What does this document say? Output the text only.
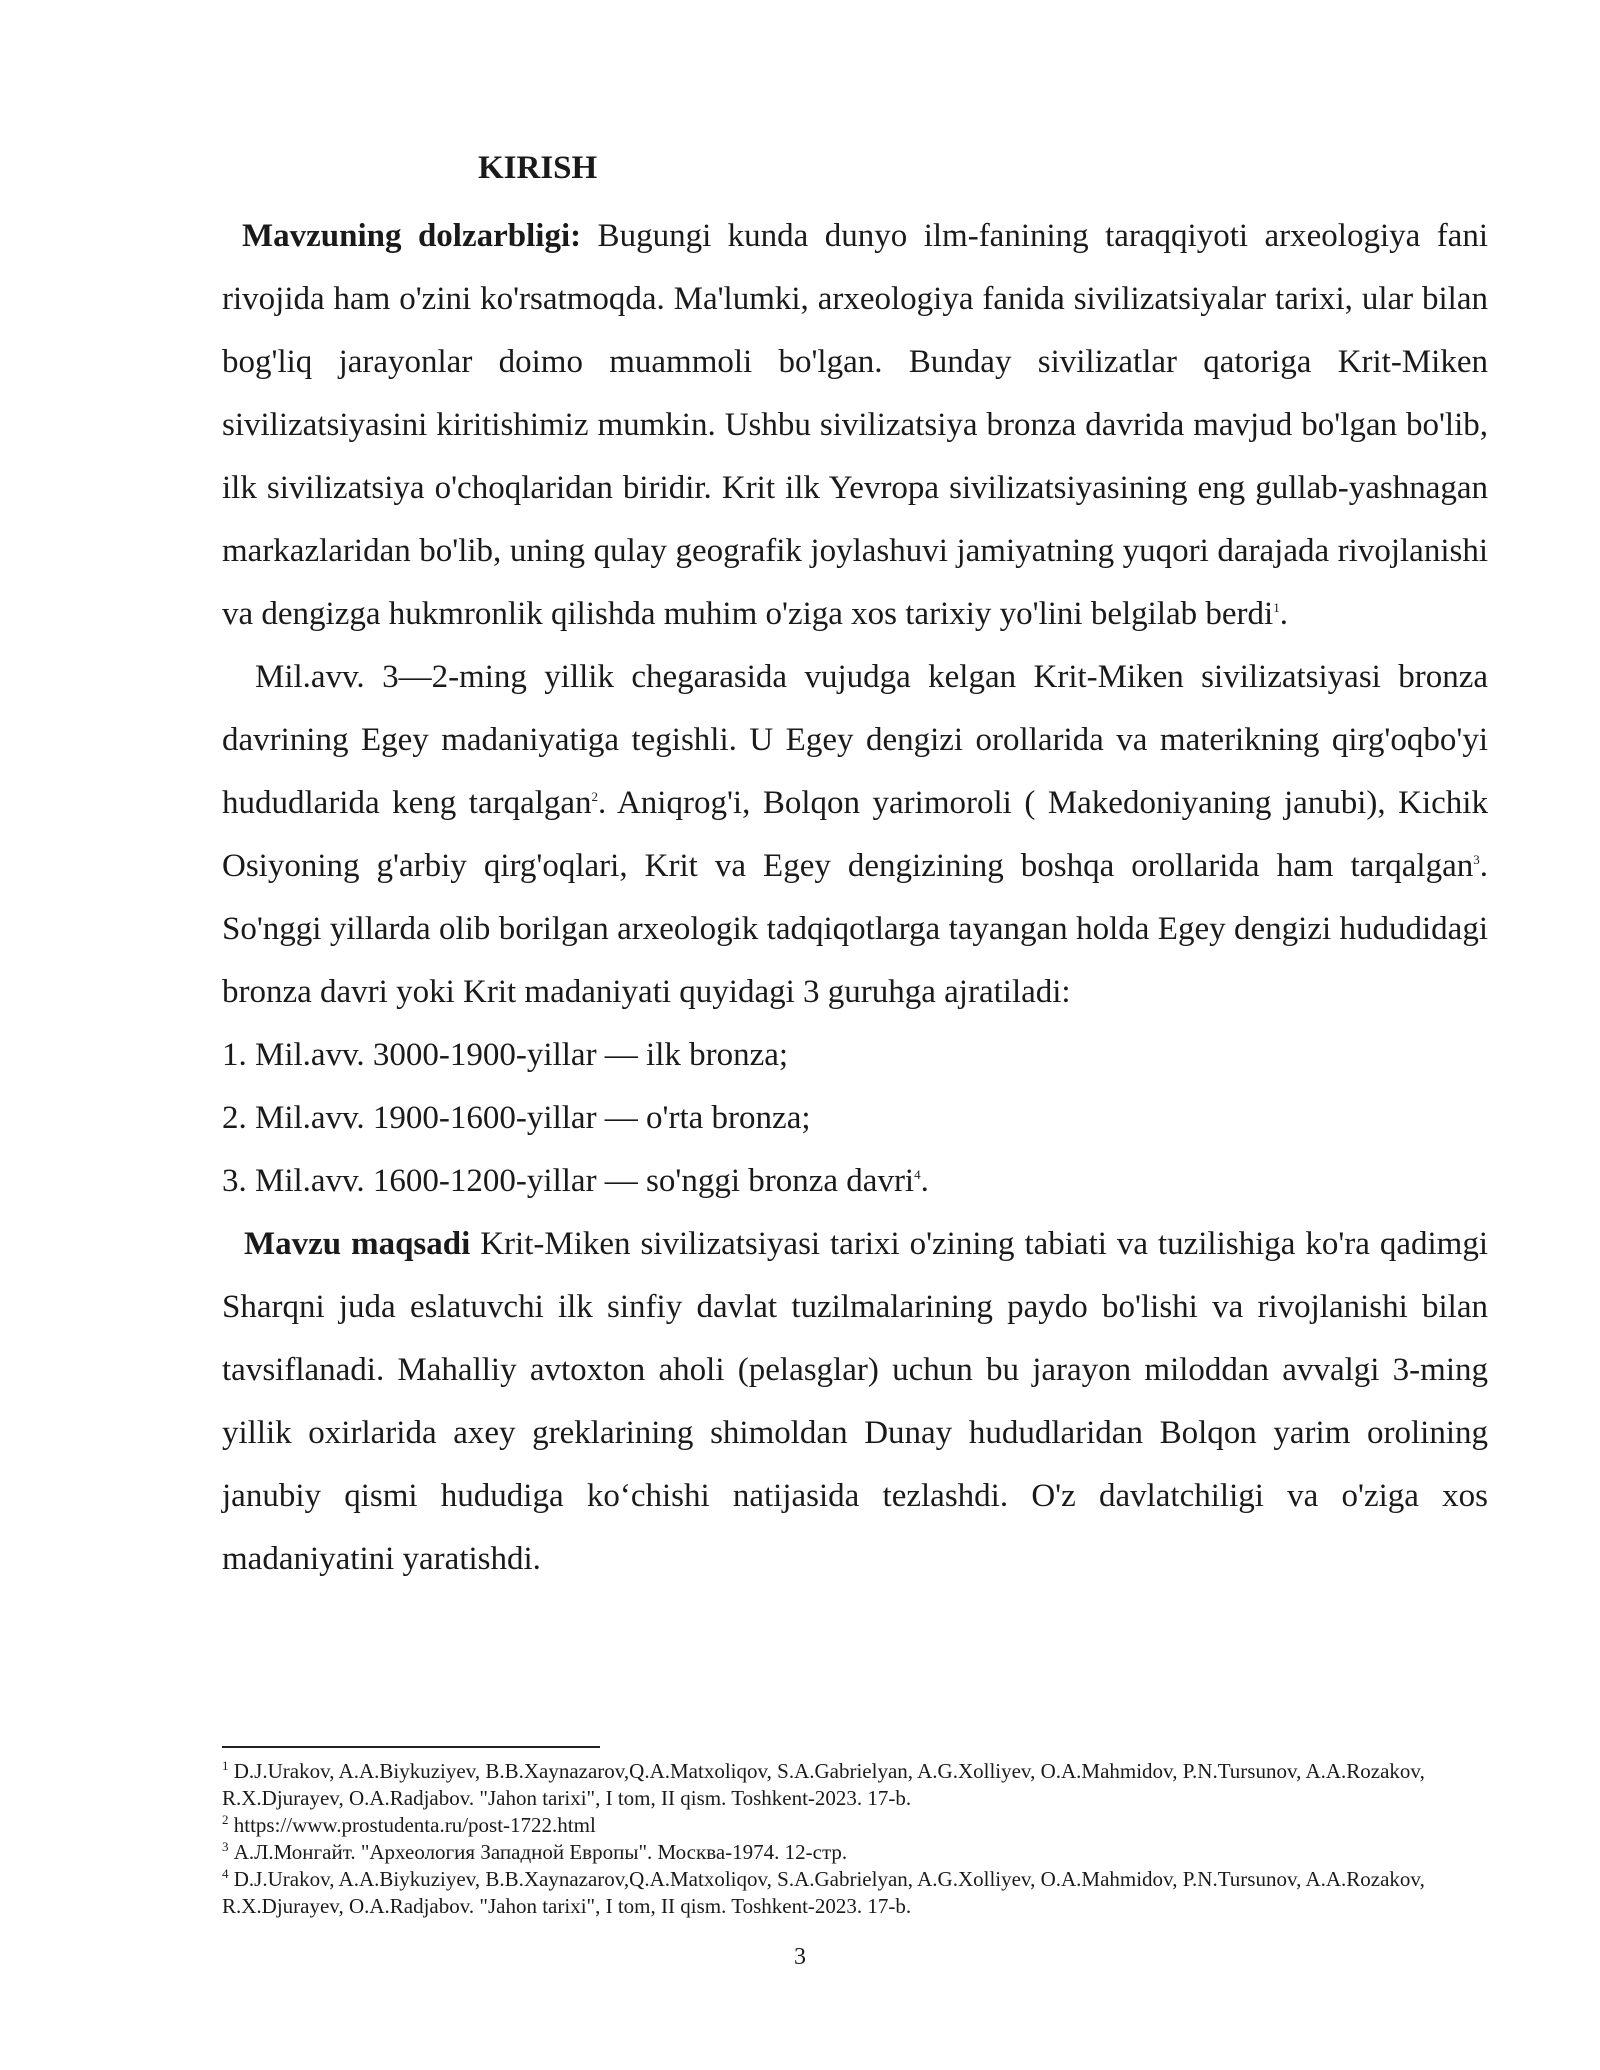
KIRISH

Mavzuning dolzarbligi: Bugungi kunda dunyo ilm-fanining taraqqiyoti arxeologiya fani rivojida ham o'zini ko'rsatmoqda. Ma'lumki, arxeologiya fanida sivilizatsiyalar tarixi, ular bilan bog'liq jarayonlar doimo muammoli bo'lgan. Bunday sivilizatlar qatoriga Krit-Miken sivilizatsiyasini kiritishimiz mumkin. Ushbu sivilizatsiya bronza davrida mavjud bo'lgan bo'lib, ilk sivilizatsiya o'choqlaridan biridir. Krit ilk Yevropa sivilizatsiyasining eng gullab-yashnagan markazlaridan bo'lib, uning qulay geografik joylashuvi jamiyatning yuqori darajada rivojlanishi va dengizga hukmronlik qilishda muhim o'ziga xos tarixiy yo'lini belgilab berdi$^1$.

Mil.avv. 3—2-ming yillik chegarasida vujudga kelgan Krit-Miken sivilizatsiyasi bronza davrining Egey madaniyatiga tegishli. U Egey dengizi orollarida va materikning qirg'oqbo'yi hududlarida keng tarqalgan$^2$. Aniqrog'i, Bolqon yarimoroli ( Makedoniyaning janubi), Kichik Osiyoning g'arbiy qirg'oqlari, Krit va Egey dengizining boshqa orollarida ham tarqalgan$^3$. So'nggi yillarda olib borilgan arxeologik tadqiqotlarga tayangan holda Egey dengizi hududidagi bronza davri yoki Krit madaniyati quyidagi 3 guruhga ajratiladi:

1. Mil.avv. 3000-1900-yillar — ilk bronza;

2. Mil.avv. 1900-1600-yillar — o'rta bronza;

3. Mil.avv. 1600-1200-yillar — so'nggi bronza davri$^4$.

Mavzu maqsadi Krit-Miken sivilizatsiyasi tarixi o'zining tabiati va tuzilishiga ko'ra qadimgi Sharqni juda eslatuvchi ilk sinfiy davlat tuzilmalarining paydo bo'lishi va rivojlanishi bilan tavsiflanadi. Mahalliy avtoxton aholi (pelasglar) uchun bu jarayon miloddan avvalgi 3-ming yillik oxirlarida axey greklarining shimoldan Dunay hududlaridan Bolqon yarim orolining janubiy qismi hududiga ko‘chishi natijasida tezlashdi. O'z davlatchiligi va o'ziga xos madaniyatini yaratishdi.

$^1$ D.J.Urakov, A.A.Biykuziyev, B.B.Xaynazarov,Q.A.Matxoliqov, S.A.Gabrielyan, A.G.Xolliyev, O.A.Mahmidov, P.N.Tursunov, A.A.Rozakov, R.X.Djurayev, O.A.Radjabov. "Jahon tarixi", I tom, II qism. Toshkent-2023. 17-b.

$^2$ https://www.prostudenta.ru/post-1722.html

$^3$ А.Л.Монгайт. "Археология Западной Европы". Москва-1974. 12-стр.

$^4$ D.J.Urakov, A.A.Biykuziyev, B.B.Xaynazarov,Q.A.Matxoliqov, S.A.Gabrielyan, A.G.Xolliyev, O.A.Mahmidov, P.N.Tursunov, A.A.Rozakov, R.X.Djurayev, O.A.Radjabov. "Jahon tarixi", I tom, II qism. Toshkent-2023. 17-b.

3
